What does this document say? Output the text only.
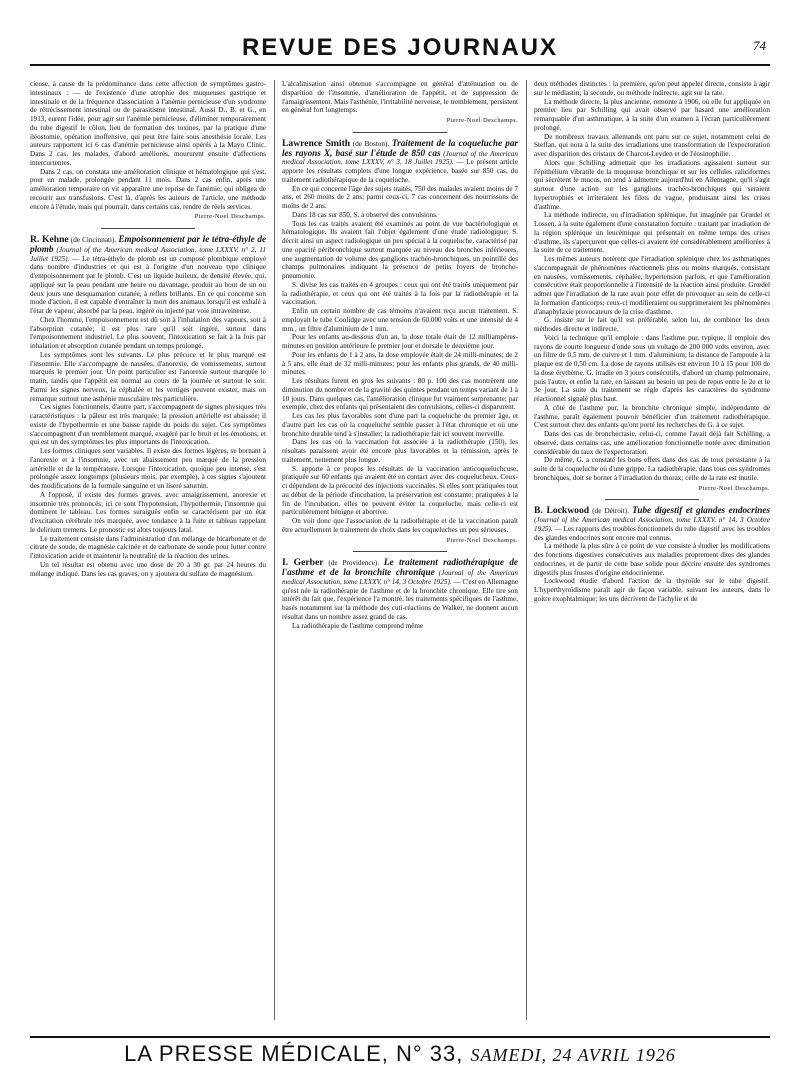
REVUE DES JOURNAUX	74

cieuse, à cause de la prédominance dans cette affection de symptômes gastro-intestinaux : — de l'existence d'une atrophie des muqueuses gastrique et intestinale et de la fréquence d'association à l'anémie pernicieuse d'un syndrome de rétrécissement intestinal ou de parasitisme intestinal. Aussi D., B. et G., en 1913, eurent l'idée, pour agir sur l'anémie pernicieuse, d'éliminer temporairement du tube digestif le côlon, lieu de formation des toxines, par la pratique d'une iléostomie, opération inoffensive, qui peut être faite sous anesthésie locale. Les auteurs rapportent ici 6 cas d'anémie pernicieuse ainsi opérés à la Mayo Clinic. Dans 2 cas, les malades, d'abord améliorés, moururent ensuite d'affections intercurrentes.

Dans 2 cas, on constata une amélioration clinique et hématologique qui s'est, pour un malade, prolongée pendant 11 mois. Dans 2 cas enfin, après une amélioration temporaire on vit apparaître une reprise de l'anémie, qui obligea de recourir aux transfusions. C'est là, d'après les auteurs de l'article, une méthode encore à l'étude, mais qui pourrait, dans certains cas, rendre de réels services.

Pierre-Noel Deschamps.

R. Kehne (de Cincinnati). Empoisonnement par le tétra-éthyle de plomb (Journal of the American medical Association, tome LXXXV, n° 2, 11 Juillet 1925). — Le tétra-éthyle de plomb est un composé plombique employé dans nombre d'industries et qui est à l'origine d'un nouveau type clinique d'empoisonnement par le plomb. C'est un liquide huileux, de densité élevée, qui, appliqué sur la peau pendant une heure ou davantage, produit au bout de un ou deux jours une desquamation cutanée, à reflets brillants. En ce qui concerne son mode d'action, il est capable d'entraîner la mort des animaux lorsqu'il est exhalé à l'état de vapeur, absorbé par la peau, ingéré ou injecté par voie intraveineuse.

Chez l'homme, l'empoisonnement est dû soit à l'inhalation des vapeurs, soit à l'absorption cutanée; il est plus rare qu'il soit ingéré, surtout dans l'empoisonnement industriel. Le plus souvent, l'intoxication se fait à la fois par inhalation et absorption cutanée pendant un temps prolongé.

Les symptômes sont les suivants. Le plus précoce et le plus marqué est l'insomnie. Elle s'accompagne de nausées, d'anorexie, de vomissements, surtout marqués le premier jour. Un point particulier est l'anorexie surtout marquée le matin, tandis que l'appétit est normal au cours de la journée et surtout le soir. Parmi les signes nerveux, la céphalée et les vertiges peuvent exister, mais on remarque surtout une asthénie musculaire très particulière.

Ces signes fonctionnels, d'autre part, s'accompagnent de signes physiques très caractéristiques : la pâleur est très marquée; la pression artérielle est abaissée; il existe de l'hypothermie et une baisse rapide du poids du sujet. Ces symptômes s'accompagnent d'un tremblement marqué, exagéré par le bruit et les émotions, et qui est un des symptômes les plus importants de l'intoxication.

Les formes cliniques sont variables. Il existe des formes légères, se bornant à l'anorexie et à l'insomnie, avec un abaissement peu marqué de la pression artérielle et de la température. Lorsque l'intoxication, quoique peu intense, s'est prolongée assez longtemps (plusieurs mois, par exemple), à ces signes s'ajoutent des modifications de la formule sanguine et un liseré saturnin.

A l'opposé, il existe des formes graves, avec amaigrissement, anorexie et insomnie très prononcés; ici ce sont l'hypotension, l'hypothermie, l'insomnie qui dominent le tableau. Les formes suraiguës enfin se caractérisent par un état d'excitation cérébrale très marquée, avec tendance à la fuite et tableau rappelant le delirium tremens. Le pronostic est alors toujours fatal.

Le traitement consiste dans l'administration d'un mélange de bicarbonate et de citrate de soude, de magnésie calcinée et de carbonate de soude pour lutter contre l'intoxication acide et maintenir la neutralité de la réaction des urines.

Un tel résultat est obtenu avec une dose de 20 à 30 gr. par 24 heures du mélange indiqué. Dans les cas graves, on y ajoutera du sulfate de magnésium.

L'alcalinisation ainsi obtenue s'accompagne en général d'atténuation ou de disparition de l'insomnie, d'amélioration de l'appétit, et de suppression de l'amaigrissement. Mais l'asthénie, l'irritabilité nerveuse, le tremblement, persistent en général fort longtemps.

Pierre-Noel Deschamps.

Lawrence Smith (de Boston). Traitement de la coqueluche par les rayons X, basé sur l'étude de 850 cas (Journal of the American medical Association, tome LXXXV, n° 3, 18 Juillet 1925). — Le présent article apporte les résultats complets d'une longue expérience, basée sur 850 cas, du traitement radiothérapique de la coqueluche.

En ce qui concerne l'âge des sujets traités, 750 des malades avaient moins de 7 ans, et 260 moins de 2 ans; parmi ceux-ci, 7 cas concernent des nourrissons de moins de 2 ans.

Dans 18 cas sur 850, S. a observé des convulsions.

Tous les cas traités avaient été examinés au point de vue bactériologique et hématologique. Ils avaient fait l'objet également d'une étude radiologique; S. décrit ainsi un aspect radiologique un peu spécial à la coqueluche, caractérisé par une opacité péribronchique surtout marquée au niveau des bronches inférieures, une augmentation de volume des ganglions trachéo-bronchiques, un pointillé des champs pulmonaires indiquant la présence de petits foyers de broncho-pneumonie.

S. divise les cas traités en 4 groupes : ceux qui ont été traités uniquement par la radiothérapie, et ceux qui ont été traités à la fois par la radiothérapie et la vaccination.

Enfin un certain nombre de cas témoins n'avaient reçu aucun traitement. S. employait le tube Coolidge avec une tension de 60.000 volts et une intensité de 4 mm., un filtre d'aluminium de 1 mm.

Pour les enfants au-dessous d'un an, la dose totale était de 12 milliampères-minutes en position antérieure le premier jour et dorsale le deuxième jour.

Pour les enfants de 1 à 2 ans, la dose employée était de 24 milli-minutes; de 2 à 5 ans, elle était de 32 milli-minutes; pour les enfants plus grands, de 40 milli-minutes.

Les résultats furent en gros les suivants : 80 p. 100 des cas montrèrent une diminution du nombre et de la gravité des quintes pendant un temps variant de 1 à 10 jours. Dans quelques cas, l'amélioration clinique fut vraiment surprenante; par exemple, chez des enfants qui présentaient des convulsions, celles-ci disparurent.

Les cas les plus favorables sont d'une part la coqueluche du premier âge, et d'autre part les cas où la coqueluche semble passer à l'état chronique et où une bronchite durable tend à s'installer; la radiothérapie fait ici souvent merveille.

Dans les cas où la vaccination fut associée à la radiothérapie (150), les résultats paraissent avoir été encore plus favorables et la rémission, après le traitement, nettement plus longue.

S. apporte à ce propos les résultats de la vaccination anticoqueluchcuse, pratiquée sur 60 enfants qui avaient été en contact avec des coquelucheux. Ceux-ci dépendent de la précocité des injections vaccinales. Si elles sont pratiquées tout au début de la période d'incubation, la préservation est constante; pratiquées à la fin de l'incubation, elles ne peuvent éviter la coqueluche, mais celle-ci est particulièrement bénigne et abortive.

On voit donc que l'association de la radiothérapie et de la vaccination paraît être actuellement le traitement de choix dans les coqueluches un peu sérieuses.

Pierre-Noel Deschamps.

I. Gerber (de Providence). Le traitement radiothérapique de l'asthme et de la bronchite chronique (Journal of the American medical Association, tome LXXXV, n° 14, 3 Octobre 1925). — C'est en Allemagne qu'est née la radiothérapie de l'asthme et de la bronchite chronique. Elle tire son intérêt du fait que, l'expérience l'a montré, les traitements spécifiques de l'asthme, basés notamment sur la méthode des cuti-réactions de Walker, ne donnent aucun résultat dans un nombre assez grand de cas.

La radiothérapie de l'asthme comprend même

deux méthodes distinctes : la première, qu'on peut appeler directe, consiste à agir sur le médiastin; la seconde, ou méthode indirecte, agit sur la rate.

La méthode directe, la plus ancienne, remonte à 1906, où elle fut appliquée en premier lieu par Schilling qui avait observé par hasard une amélioration remarquable d'un asthmatique, à la suite d'un examen à l'écran particulièrement prolongé.

De nombreux travaux allemands ont paru sur ce sujet, notamment celui de Steffan, qui nota à la suite des irradiations une transformation de l'expectoration avec disparition des cristaux de Charcot-Leyden et de l'éosinophilie.

Alors que Schilling admettait que les irradiations agissaient surtout sur l'épithélium vibratile de la muqueuse bronchique et sur les cellules caliciformes qui sécrètent le mucus, on tend à admettre aujourd'hui en Allemagne, qu'il s'agit surtout d'une action sur les ganglions trachéo-bronchiques qui seraient hypertrophiés et irriteraient les filets du vague, produisant ainsi les crises d'asthme.

La méthode indirecte, ou d'irradiation splénique, fut imaginée par Grœdel et Lossen, à la suite également d'une constatation fortuite : traitant par irradiation de la région splénique un leucémique qui présentait en même temps des crises d'asthme, ils s'aperçurent que celles-ci avaient été considérablement améliorées à la suite de ce traitement.

Les mêmes auteurs notèrent que l'irradiation splénique chez les asthmatiques s'accompagnait de phénomènes réactionnels plus ou moins marqués, consistant en nausées, vomissements, céphalée, hypertension parfois, et que l'amélioration consécutive était proportionnelle à l'intensité de la réaction ainsi produite. Grœdel admet que l'irradiation de la rate avait pour effet de provoquer au sein de celle-ci la formation d'anticorps; ceux-ci modifieraient ou supprimeraient les phénomènes d'anaphylaxie provocateurs de la crise d'asthme.

G. insiste sur le fait qu'il est préférable, selon lui, de combiner les deux méthodes directe et indirecte.

Voici la technique qu'il emploie : dans l'asthme pur, typique, il emploie des rayons de courte longueur d'onde sous un voltage de 200 000 volts environ, avec un filtre de 0,5 mm. de cuivre et 1 mm. d'aluminium; la distance de l'ampoule à la plaque est de 0,50 cm. La dose de rayons utilisés est environ 10 à 15 pour 100 de la dose érythème. G. irradie en 3 jours consécutifs, d'abord un champ pulmonaire, puis l'autre, et enfin la rate, en laissant au besoin un peu de repos entre le 2e et le 3e jour. La suite du traitement se règle d'après les caractères du syndrome réactionnel signalé plus haut.

A côté de l'asthme pur, la bronchite chronique simple, indépendante de l'asthme, paraît également pouvoir bénéficier d'un traitement radiothérapique. C'est surtout chez des enfants qu'ont porté les recherches de G. à ce sujet.

Dans des cas de bronchectasie, celui-ci, comme l'avait déjà fait Schilling, a observé, dans certains cas, une amélioration fonctionnelle notée avec diminution considérable du taux de l'expectoration.

De même, G. a constaté les bons effets dans des cas de toux persistante à la suite de la coqueluche ou d'une grippe. La radiothérapie, dans tous ces syndromes bronchiques, doit se borner à l'irradiation du thorax; celle de la rate est inutile.

Pierre-Noel Deschamps.

B. Lockwood (de Détroit). Tube digestif et glandes endocrines (Journal of the American medical Association, tome LXXXV, n° 14, 3 Octobre 1925). — Les rapports des troubles fonctionnels du tube digestif avec les troubles des glandes endocrines sont encore mal connus.

La méthode la plus sûre à ce point de vue consiste à étudier les modifications des fonctions digestives consécutives aux maladies proprement dites des glandes endocrines, et de partir de cette base solide pour décrire ensuite des syndromes digestifs plus frustes d'origine endocrinienne.

Lockwood étudie d'abord l'action de la thyroïde sur le tube digestif. L'hyperthyroïdisme paraît agir de façon variable, suivant les auteurs, dans le goitre exophtalmique; les uns décrivent de l'achylie et de

LA PRESSE MÉDICALE, N° 33, SAMEDI, 24 AVRIL 1926
